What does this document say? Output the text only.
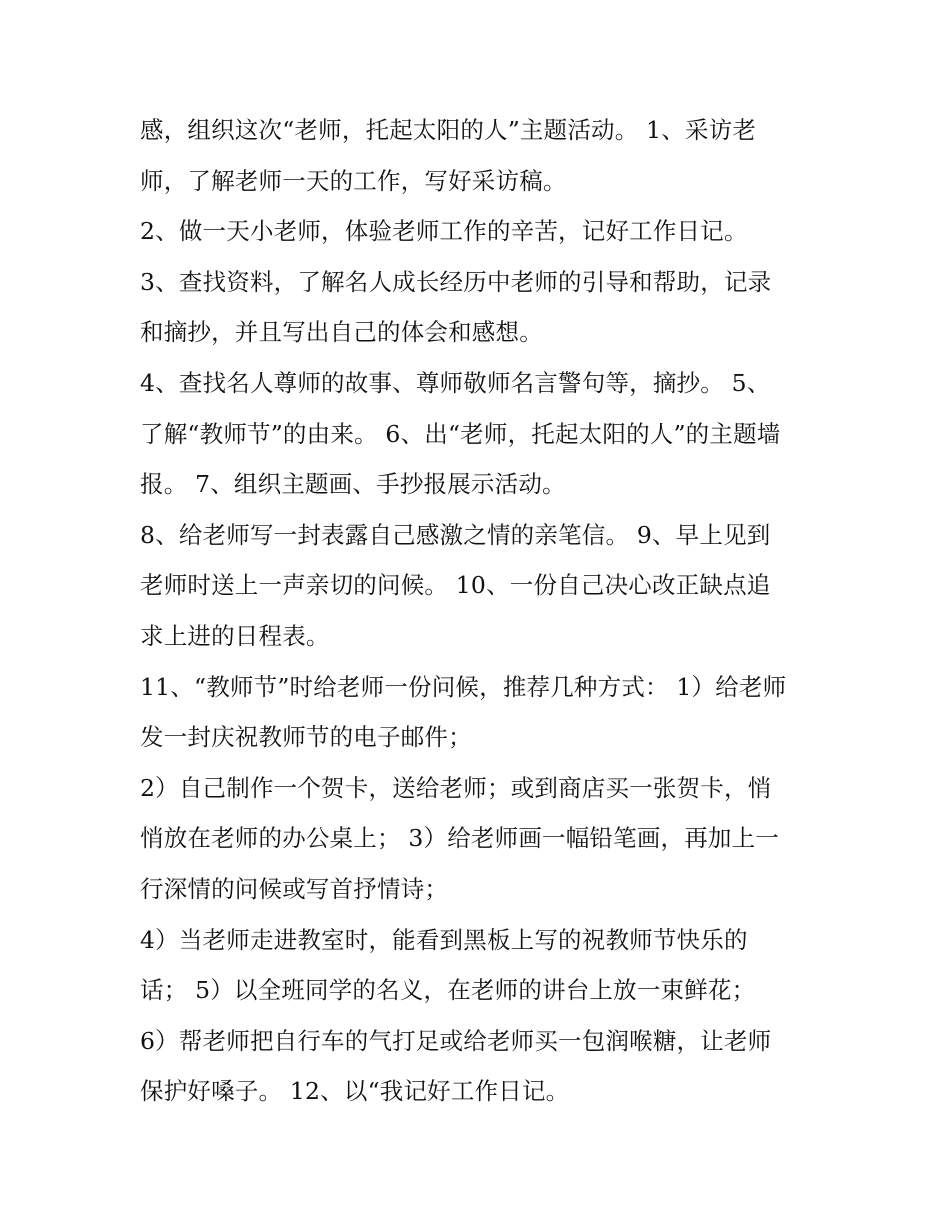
感，组织这次“老师，托起太阳的人”主题活动。 1、采访老
师，了解老师一天的工作，写好采访稿。
2、做一天小老师，体验老师工作的辛苦，记好工作日记。
3、查找资料，了解名人成长经历中老师的引导和帮助，记录
和摘抄，并且写出自己的体会和感想。
4、查找名人尊师的故事、尊师敬师名言警句等，摘抄。 5、
了解“教师节”的由来。 6、出“老师，托起太阳的人”的主题墙
报。 7、组织主题画、手抄报展示活动。
8、给老师写一封表露自己感激之情的亲笔信。 9、早上见到
老师时送上一声亲切的问候。 10、一份自己决心改正缺点追
求上进的日程表。
11、“教师节”时给老师一份问候，推荐几种方式： 1）给老师
发一封庆祝教师节的电子邮件；
2）自己制作一个贺卡，送给老师；或到商店买一张贺卡，悄
悄放在老师的办公桌上； 3）给老师画一幅铅笔画，再加上一
行深情的问候或写首抒情诗；
4）当老师走进教室时，能看到黑板上写的祝教师节快乐的
话； 5）以全班同学的名义，在老师的讲台上放一束鲜花；
6）帮老师把自行车的气打足或给老师买一包润喉糖，让老师
保护好嗓子。 12、以“我记好工作日记。
